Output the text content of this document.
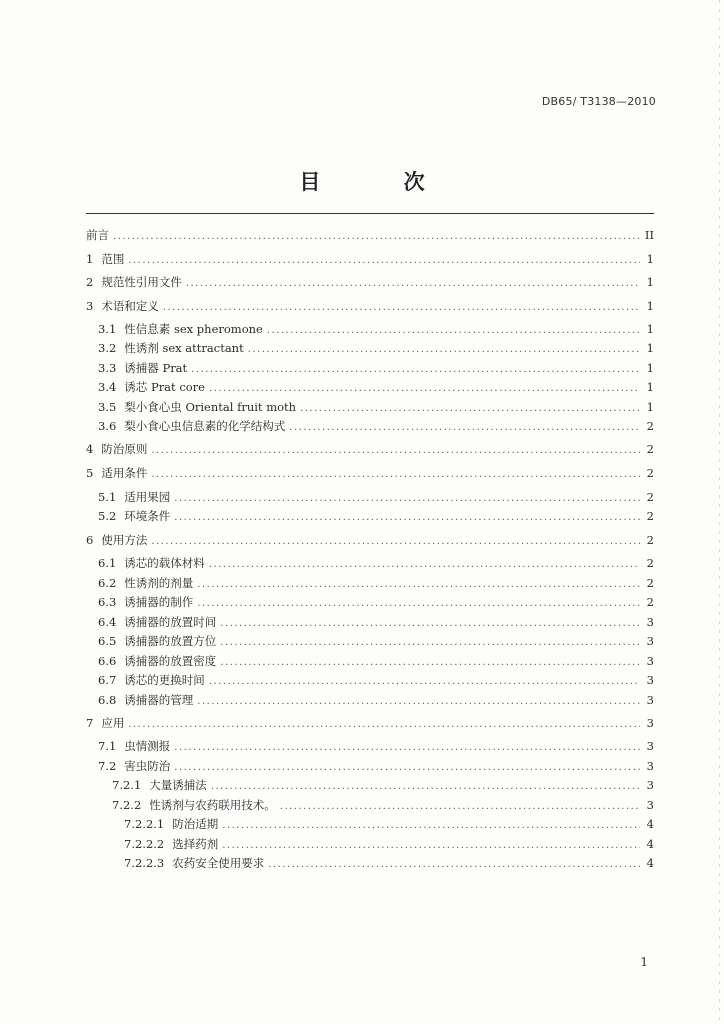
DB65/ T3138—2010
目 次
前言 .....	II
1 范围 .....	1
2 规范性引用文件 .....	1
3 术语和定义 .....	1
3.1 性信息素 sex pheromone .....	1
3.2 性诱剂 sex attractant .....	1
3.3 诱捕器 Prat .....	1
3.4 诱芯 Prat core .....	1
3.5 梨小食心虫 Oriental fruit moth .....	1
3.6 梨小食心虫信息素的化学结构式 .....	2
4 防治原则 .....	2
5 适用条件 .....	2
5.1 适用果园 .....	2
5.2 环境条件 .....	2
6 使用方法 .....	2
6.1 诱芯的载体材料 .....	2
6.2 性诱剂的剂量 .....	2
6.3 诱捕器的制作 .....	2
6.4 诱捕器的放置时间 .....	3
6.5 诱捕器的放置方位 .....	3
6.6 诱捕器的放置密度 .....	3
6.7 诱芯的更换时间 .....	3
6.8 诱捕器的管理 .....	3
7 应用 .....	3
7.1 虫情测报 .....	3
7.2 害虫防治 .....	3
7.2.1 大量诱捕法 .....	3
7.2.2 性诱剂与农药联用技术。 .....	3
7.2.2.1 防治适期 .....	4
7.2.2.2 选择药剂 .....	4
7.2.2.3 农药安全使用要求 .....	4
1
